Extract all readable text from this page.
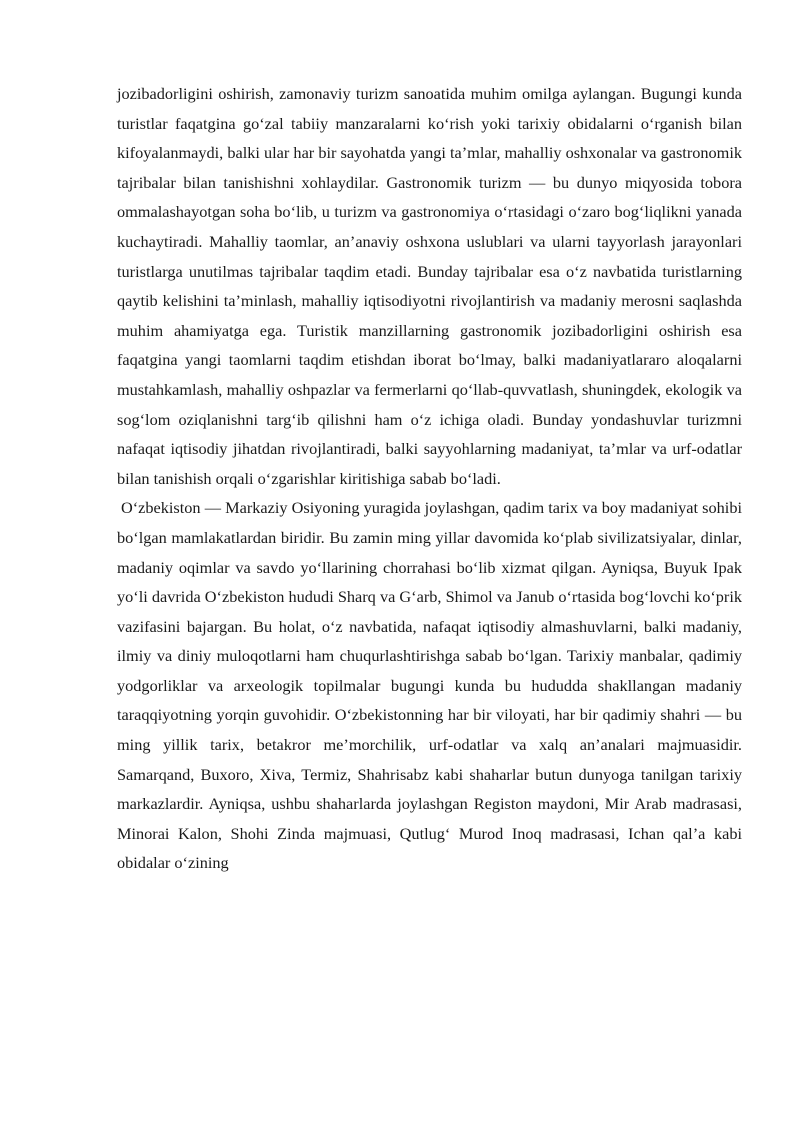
jozibadorligini oshirish, zamonaviy turizm sanoatida muhim omilga aylangan. Bugungi kunda turistlar faqatgina go‘zal tabiiy manzaralarni ko‘rish yoki tarixiy obidalarni o‘rganish bilan kifoyalanmaydi, balki ular har bir sayohatda yangi ta’mlar, mahalliy oshxonalar va gastronomik tajribalar bilan tanishishni xohlaydilar. Gastronomik turizm — bu dunyo miqyosida tobora ommalashayotgan soha bo‘lib, u turizm va gastronomiya o‘rtasidagi o‘zaro bog‘liqlikni yanada kuchaytiradi. Mahalliy taomlar, an’anaviy oshxona uslublari va ularni tayyorlash jarayonlari turistlarga unutilmas tajribalar taqdim etadi. Bunday tajribalar esa o‘z navbatida turistlarning qaytib kelishini ta’minlash, mahalliy iqtisodiyotni rivojlantirish va madaniy merosni saqlashda muhim ahamiyatga ega. Turistik manzillarning gastronomik jozibadorligini oshirish esa faqatgina yangi taomlarni taqdim etishdan iborat bo‘lmay, balki madaniyatlararo aloqalarni mustahkamlash, mahalliy oshpazlar va fermerlarni qo‘llab-quvvatlash, shuningdek, ekologik va sog‘lom oziqlanishni targ‘ib qilishni ham o‘z ichiga oladi. Bunday yondashuvlar turizmni nafaqat iqtisodiy jihatdan rivojlantiradi, balki sayyohlarning madaniyat, ta’mlar va urf-odatlar bilan tanishish orqali o‘zgarishlar kiritishiga sabab bo‘ladi.

O‘zbekiston — Markaziy Osiyoning yuragida joylashgan, qadim tarix va boy madaniyat sohibi bo‘lgan mamlakatlardan biridir. Bu zamin ming yillar davomida ko‘plab sivilizatsiyalar, dinlar, madaniy oqimlar va savdo yo‘llarining chorrahasi bo‘lib xizmat qilgan. Ayniqsa, Buyuk Ipak yo‘li davrida O‘zbekiston hududi Sharq va G‘arb, Shimol va Janub o‘rtasida bog‘lovchi ko‘prik vazifasini bajargan. Bu holat, o‘z navbatida, nafaqat iqtisodiy almashuvlarni, balki madaniy, ilmiy va diniy muloqotlarni ham chuqurlashtirishga sabab bo‘lgan. Tarixiy manbalar, qadimiy yodgorliklar va arxeologik topilmalar bugungi kunda bu hududda shakllangan madaniy taraqqiyotning yorqin guvohidir. O‘zbekistonning har bir viloyati, har bir qadimiy shahri — bu ming yillik tarix, betakror me’morchilik, urf-odatlar va xalq an’analari majmuasidir. Samarqand, Buxoro, Xiva, Termiz, Shahrisabz kabi shaharlar butun dunyoga tanilgan tarixiy markazlardir. Ayniqsa, ushbu shaharlarda joylashgan Registon maydoni, Mir Arab madrasasi, Minorai Kalon, Shohi Zinda majmuasi, Qutlug‘ Murod Inoq madrasasi, Ichan qal’a kabi obidalar o‘zining
